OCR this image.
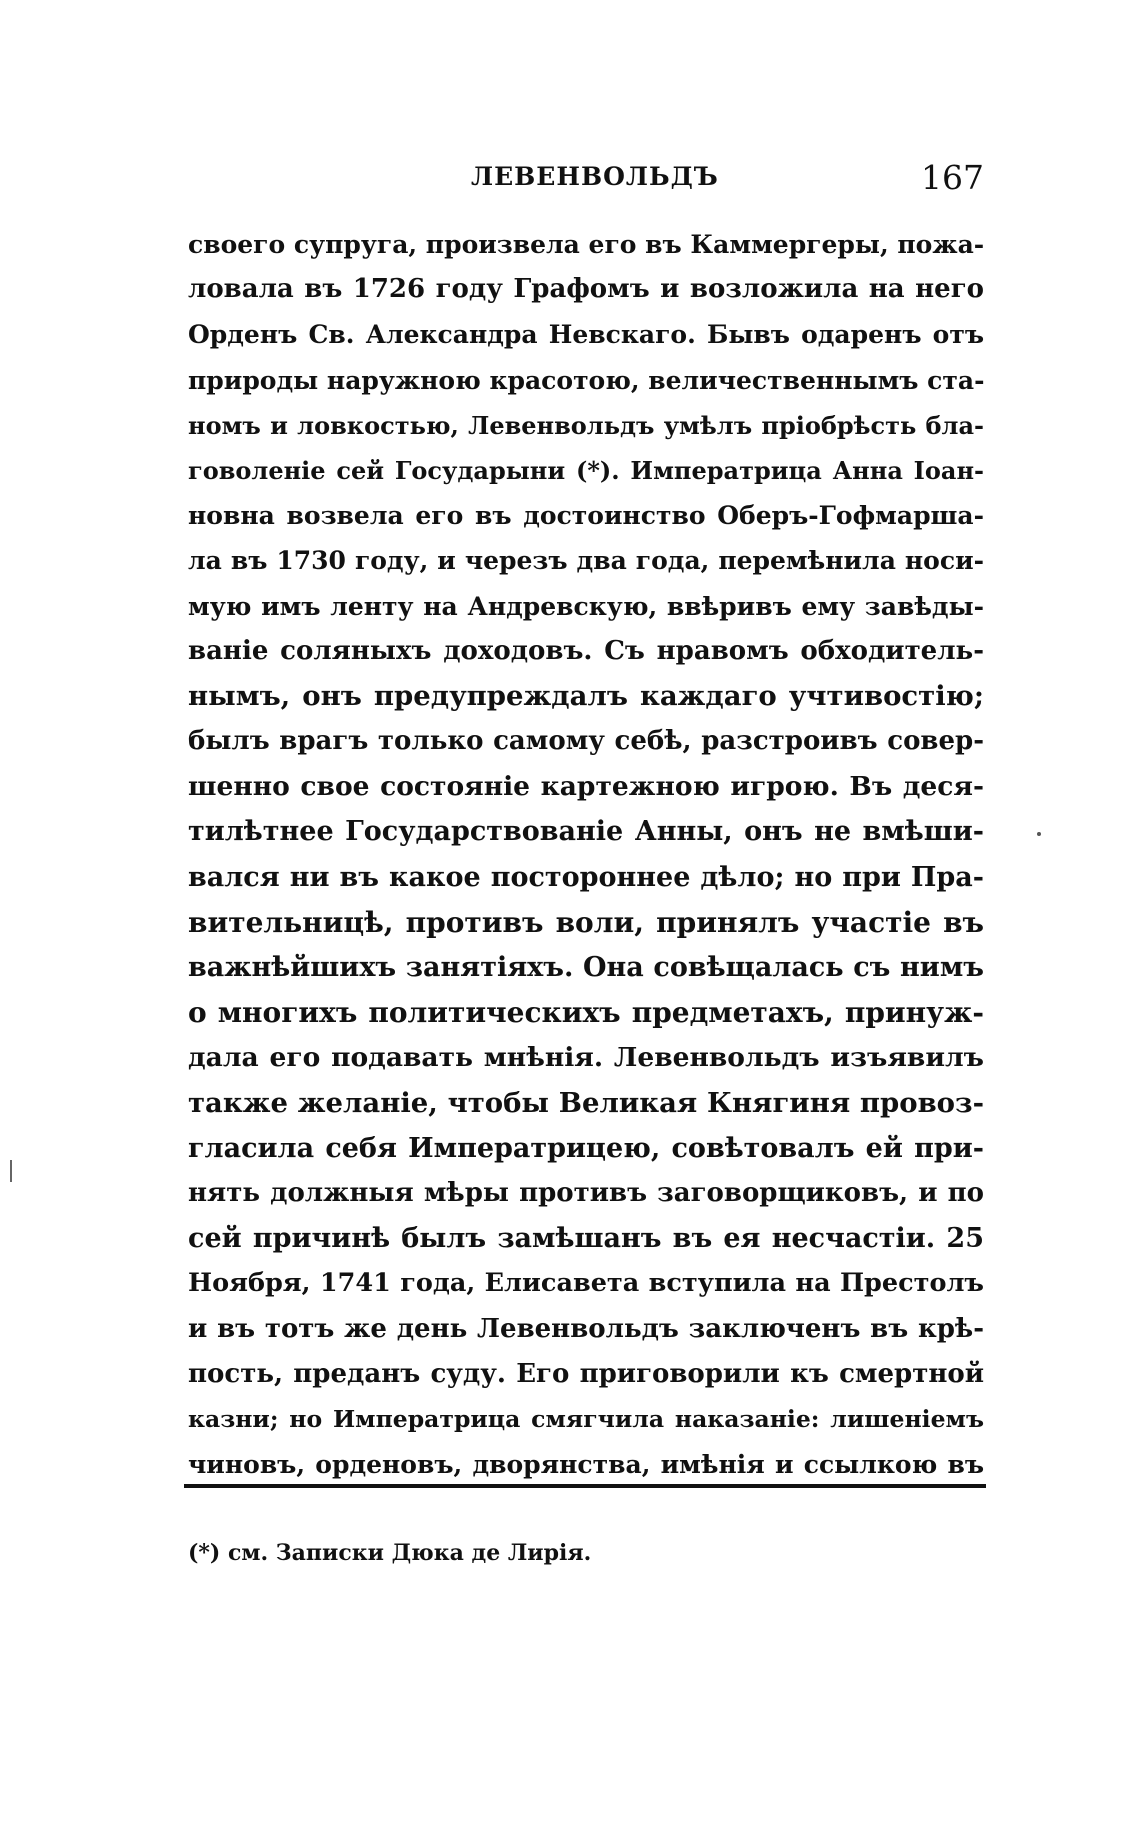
ЛЕВЕНВОЛЬДЪ	167
своего супруга, произвела его въ Каммергеры, пожа-
ловала въ 1726 году Графомъ и возложила на него
Орденъ Св. Александра Невскаго. Бывъ одаренъ отъ
природы наружною красотою, величественнымъ ста-
номъ и ловкостью, Левенвольдъ умѣлъ пріобрѣсть бла-
говоленіе сей Государыни (*). Императрица Анна Іоан-
новна возвела его въ достоинство Оберъ-Гофмарша-
ла въ 1730 году, и черезъ два года, перемѣнила носи-
мую имъ ленту на Андревскую, ввѣривъ ему завѣды-
ваніе соляныхъ доходовъ. Съ нравомъ обходитель-
нымъ, онъ предупреждалъ каждаго учтивостію;
былъ врагъ только самому себѣ, разстроивъ совер-
шенно свое состояніе картежною игрою. Въ деся-
тилѣтнее Государствованіе Анны, онъ не вмѣши-
вался ни въ какое постороннее дѣло; но при Пра-
вительницѣ, противъ воли, принялъ участіе въ
важнѣйшихъ занятіяхъ. Она совѣщалась съ нимъ
о многихъ политическихъ предметахъ, принуж-
дала его подавать мнѣнія. Левенвольдъ изъявилъ
также желаніе, чтобы Великая Княгиня провоз-
гласила себя Императрицею, совѣтовалъ ей при-
нять должныя мѣры противъ заговорщиковъ, и по
сей причинѣ былъ замѣшанъ въ ея несчастіи. 25
Ноября, 1741 года, Елисавета вступила на Престолъ
и въ тотъ же день Левенвольдъ заключенъ въ крѣ-
пость, преданъ суду. Его приговорили къ смертной
казни; но Императрица смягчила наказаніе: лишеніемъ
чиновъ, орденовъ, дворянства, имѣнія и ссылкою въ
(*) см. Записки Дюка де Лирія.
